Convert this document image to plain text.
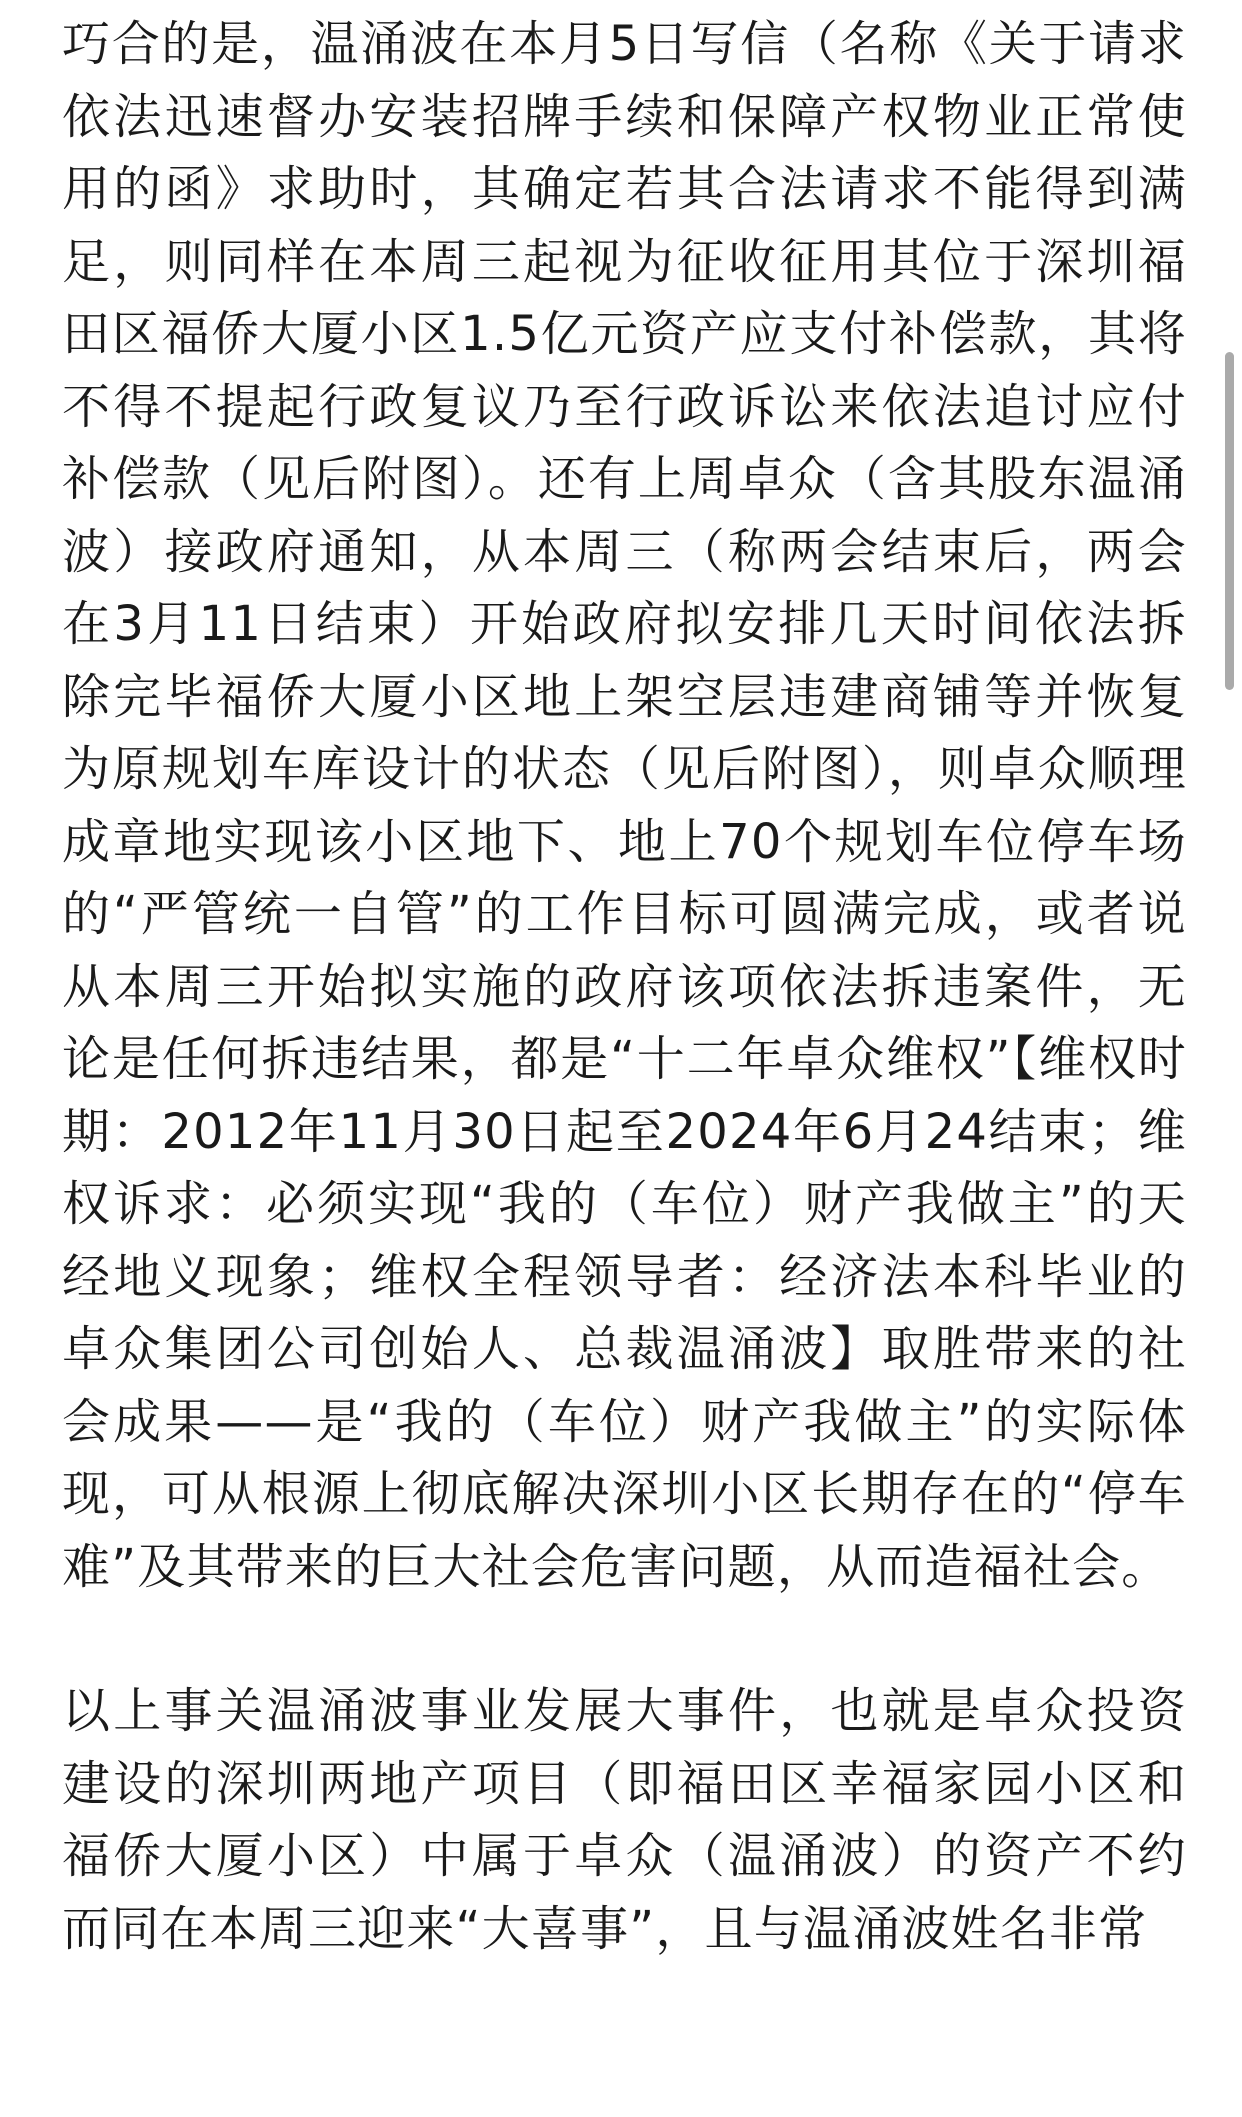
巧合的是，温涌波在本月5日写信（名称《关于请求依法迅速督办安装招牌手续和保障产权物业正常使用的函》求助时，其确定若其合法请求不能得到满足，则同样在本周三起视为征收征用其位于深圳福田区福侨大厦小区1.5亿元资产应支付补偿款，其将不得不提起行政复议乃至行政诉讼来依法追讨应付补偿款（见后附图）。还有上周卓众（含其股东温涌波）接政府通知，从本周三（称两会结束后，两会在3月11日结束）开始政府拟安排几天时间依法拆除完毕福侨大厦小区地上架空层违建商铺等并恢复为原规划车库设计的状态（见后附图），则卓众顺理成章地实现该小区地下、地上70个规划车位停车场的“严管统一自管”的工作目标可圆满完成，或者说从本周三开始拟实施的政府该项依法拆违案件，无论是任何拆违结果，都是“十二年卓众维权”【维权时期：2012年11月30日起至2024年6月24结束；维权诉求：必须实现“我的（车位）财产我做主”的天经地义现象；维权全程领导者：经济法本科毕业的卓众集团公司创始人、总裁温涌波】取胜带来的社会成果——是“我的（车位）财产我做主”的实际体现，可从根源上彻底解决深圳小区长期存在的“停车难”及其带来的巨大社会危害问题，从而造福社会。

以上事关温涌波事业发展大事件，也就是卓众投资建设的深圳两地产项目（即福田区幸福家园小区和福侨大厦小区）中属于卓众（温涌波）的资产不约而同在本周三迎来“大喜事”，且与温涌波姓名非常
